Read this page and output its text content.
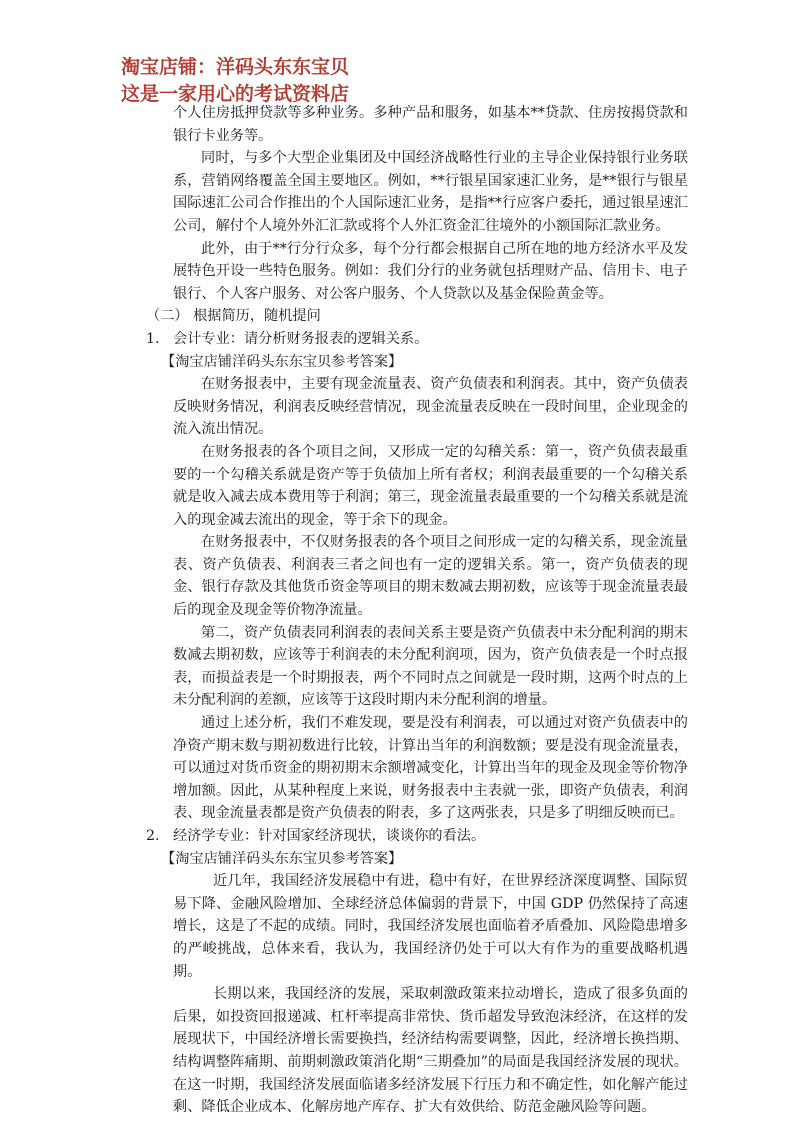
淘宝店铺：洋码头东东宝贝
这是一家用心的考试资料店

个人住房抵押贷款等多种业务。多种产品和服务，如基本**贷款、住房按揭贷款和银行卡业务等。

同时，与多个大型企业集团及中国经济战略性行业的主导企业保持银行业务联系，营销网络覆盖全国主要地区。例如，**行银星国家速汇业务，是**银行与银星国际速汇公司合作推出的个人国际速汇业务，是指**行应客户委托，通过银星速汇公司，解付个人境外外汇汇款或将个人外汇资金汇往境外的小额国际汇款业务。

此外，由于**行分行众多，每个分行都会根据自己所在地的地方经济水平及发展特色开设一些特色服务。例如：我们分行的业务就包括理财产品、信用卡、电子银行、个人客户服务、对公客户服务、个人贷款以及基金保险黄金等。

（二） 根据简历，随机提问

1. 会计专业：请分析财务报表的逻辑关系。

【淘宝店铺洋码头东东宝贝参考答案】

在财务报表中，主要有现金流量表、资产负债表和利润表。其中，资产负债表反映财务情况，利润表反映经营情况，现金流量表反映在一段时间里，企业现金的流入流出情况。

在财务报表的各个项目之间，又形成一定的勾稽关系：第一，资产负债表最重要的一个勾稽关系就是资产等于负债加上所有者权；利润表最重要的一个勾稽关系就是收入减去成本费用等于利润；第三，现金流量表最重要的一个勾稽关系就是流入的现金减去流出的现金，等于余下的现金。

在财务报表中，不仅财务报表的各个项目之间形成一定的勾稽关系，现金流量表、资产负债表、利润表三者之间也有一定的逻辑关系。第一，资产负债表的现金、银行存款及其他货币资金等项目的期末数减去期初数，应该等于现金流量表最后的现金及现金等价物净流量。

第二，资产负债表同利润表的表间关系主要是资产负债表中未分配利润的期末数减去期初数，应该等于利润表的未分配利润项，因为，资产负债表是一个时点报表，而损益表是一个时期报表，两个不同时点之间就是一段时期，这两个时点的上未分配利润的差额，应该等于这段时期内未分配利润的增量。

通过上述分析，我们不难发现，要是没有利润表，可以通过对资产负债表中的净资产期末数与期初数进行比较，计算出当年的利润数额；要是没有现金流量表，可以通过对货币资金的期初期末余额增减变化，计算出当年的现金及现金等价物净增加额。因此，从某种程度上来说，财务报表中主表就一张，即资产负债表，利润表、现金流量表都是资产负债表的附表，多了这两张表，只是多了明细反映而已。

2. 经济学专业：针对国家经济现状，谈谈你的看法。

【淘宝店铺洋码头东东宝贝参考答案】

近几年，我国经济发展稳中有进，稳中有好，在世界经济深度调整、国际贸易下降、金融风险增加、全球经济总体偏弱的背景下，中国 GDP 仍然保持了高速增长，这是了不起的成绩。同时，我国经济发展也面临着矛盾叠加、风险隐患增多的严峻挑战，总体来看，我认为，我国经济仍处于可以大有作为的重要战略机遇期。

长期以来，我国经济的发展，采取刺激政策来拉动增长，造成了很多负面的后果，如投资回报递减、杠杆率提高非常快、货币超发导致泡沫经济，在这样的发展现状下，中国经济增长需要换挡，经济结构需要调整，因此，经济增长换挡期、结构调整阵痛期、前期刺激政策消化期“三期叠加”的局面是我国经济发展的现状。在这一时期，我国经济发展面临诸多经济发展下行压力和不确定性，如化解产能过剩、降低企业成本、化解房地产库存、扩大有效供给、防范金融风险等问题。
